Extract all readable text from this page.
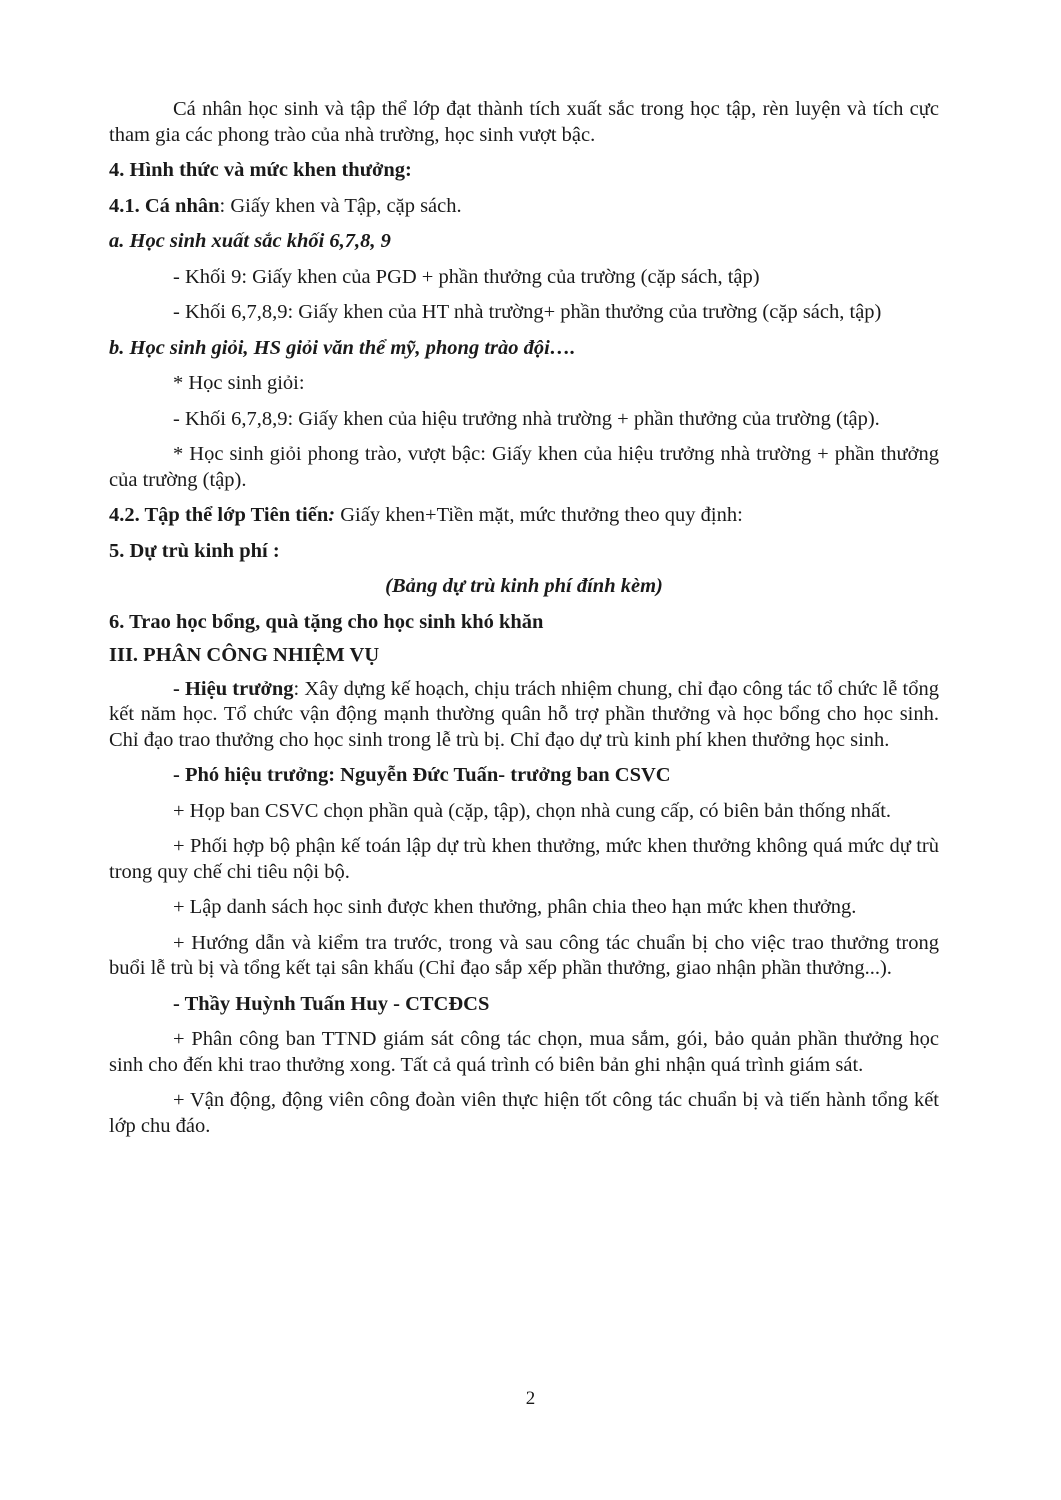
Cá nhân học sinh và tập thể lớp đạt thành tích xuất sắc trong học tập, rèn luyện và tích cực tham gia các phong trào của nhà trường, học sinh vượt bậc.

4. Hình thức và mức khen thưởng:

4.1. Cá nhân: Giấy khen và Tập, cặp sách.

a. Học sinh xuất sắc khối 6,7,8, 9

- Khối 9: Giấy khen của PGD + phần thưởng của trường (cặp sách, tập)

- Khối 6,7,8,9: Giấy khen của HT nhà trường+ phần thưởng của trường (cặp sách, tập)

b. Học sinh giỏi, HS giỏi văn thể mỹ, phong trào đội….

* Học sinh giỏi:

- Khối 6,7,8,9: Giấy khen của hiệu trưởng nhà trường + phần thưởng của trường (tập).

* Học sinh giỏi phong trào, vượt bậc: Giấy khen của hiệu trưởng nhà trường + phần thưởng của trường (tập).

4.2. Tập thể lớp Tiên tiến: Giấy khen+Tiền mặt, mức thưởng theo quy định:

5. Dự trù kinh phí :

(Bảng dự trù kinh phí đính kèm)

6. Trao học bổng, quà tặng cho học sinh khó khăn

III. PHÂN CÔNG NHIỆM VỤ

- Hiệu trưởng: Xây dựng kế hoạch, chịu trách nhiệm chung, chỉ đạo công tác tổ chức lễ tổng kết năm học. Tổ chức vận động mạnh thường quân hỗ trợ phần thưởng và học bổng cho học sinh. Chỉ đạo trao thưởng cho học sinh trong lễ trù bị. Chỉ đạo dự trù kinh phí khen thưởng học sinh.

- Phó hiệu trưởng: Nguyễn Đức Tuấn- trưởng ban CSVC

+ Họp ban CSVC chọn phần quà (cặp, tập), chọn nhà cung cấp, có biên bản thống nhất.

+ Phối hợp bộ phận kế toán lập dự trù khen thưởng, mức khen thưởng không quá mức dự trù trong quy chế chi tiêu nội bộ.

+ Lập danh sách học sinh được khen thưởng, phân chia theo hạn mức khen thưởng.

+ Hướng dẫn và kiểm tra trước, trong và sau công tác chuẩn bị cho việc trao thưởng trong buổi lễ trù bị và tổng kết tại sân khấu (Chỉ đạo sắp xếp phần thưởng, giao nhận phần thưởng...).

- Thầy Huỳnh Tuấn Huy - CTCĐCS

+ Phân công ban TTND giám sát công tác chọn, mua sắm, gói, bảo quản phần thưởng học sinh cho đến khi trao thưởng xong. Tất cả quá trình có biên bản ghi nhận quá trình giám sát.

+ Vận động, động viên công đoàn viên thực hiện tốt công tác chuẩn bị và tiến hành tổng kết lớp chu đáo.

2
